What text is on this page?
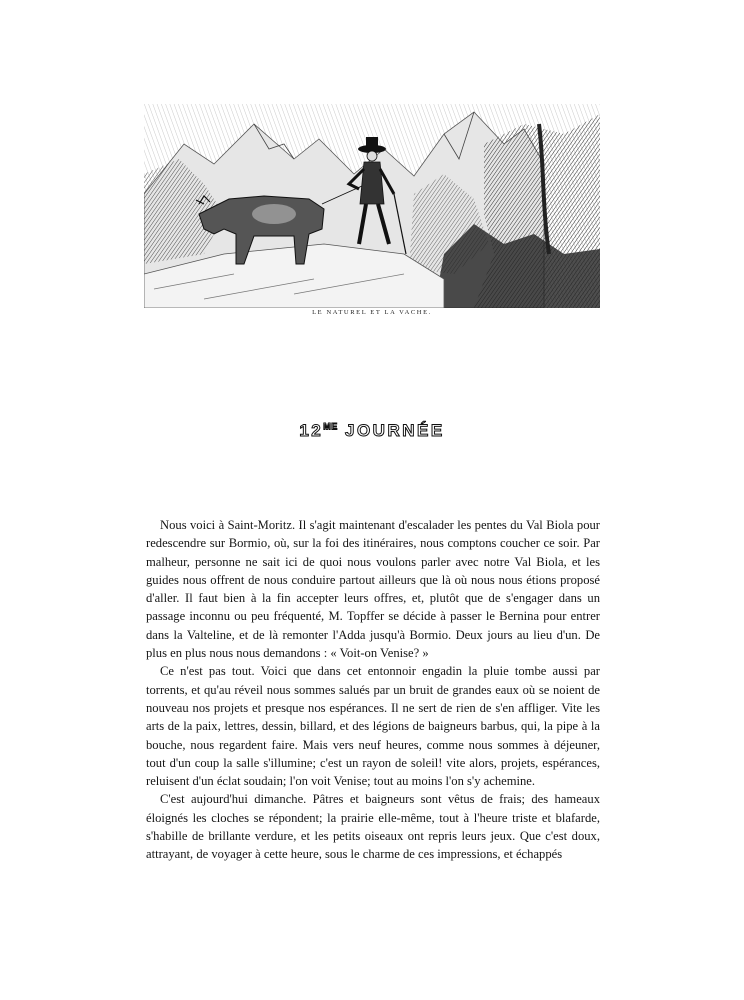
LE NATUREL ET LA VACHE.
$12^{ME}$ JOURNÉE

Nous voici à Saint-Moritz. Il s'agit maintenant d'escalader les pentes du Val Biola pour redescendre sur Bormio, où, sur la foi des itinéraires, nous comptons coucher ce soir. Par malheur, personne ne sait ici de quoi nous voulons parler avec notre Val Biola, et les guides nous offrent de nous conduire partout ailleurs que là où nous nous étions proposé d'aller. Il faut bien à la fin accepter leurs offres, et, plutôt que de s'engager dans un passage inconnu ou peu fréquenté, M. Topffer se décide à passer le Bernina pour entrer dans la Valteline, et de là remonter l'Adda jusqu'à Bormio. Deux jours au lieu d'un. De plus en plus nous nous demandons : « Voit-on Venise? »

Ce n'est pas tout. Voici que dans cet entonnoir engadin la pluie tombe aussi par torrents, et qu'au réveil nous sommes salués par un bruit de grandes eaux où se noient de nouveau nos projets et presque nos espérances. Il ne sert de rien de s'en affliger. Vite les arts de la paix, lettres, dessin, billard, et des légions de baigneurs barbus, qui, la pipe à la bouche, nous regardent faire. Mais vers neuf heures, comme nous sommes à déjeuner, tout d'un coup la salle s'illumine; c'est un rayon de soleil! vite alors, projets, espérances, reluisent d'un éclat soudain; l'on voit Venise; tout au moins l'on s'y achemine.

C'est aujourd'hui dimanche. Pâtres et baigneurs sont vêtus de frais; des hameaux éloignés les cloches se répondent; la prairie elle-même, tout à l'heure triste et blafarde, s'habille de brillante verdure, et les petits oiseaux ont repris leurs jeux. Que c'est doux, attrayant, de voyager à cette heure, sous le charme de ces impressions, et échappés
